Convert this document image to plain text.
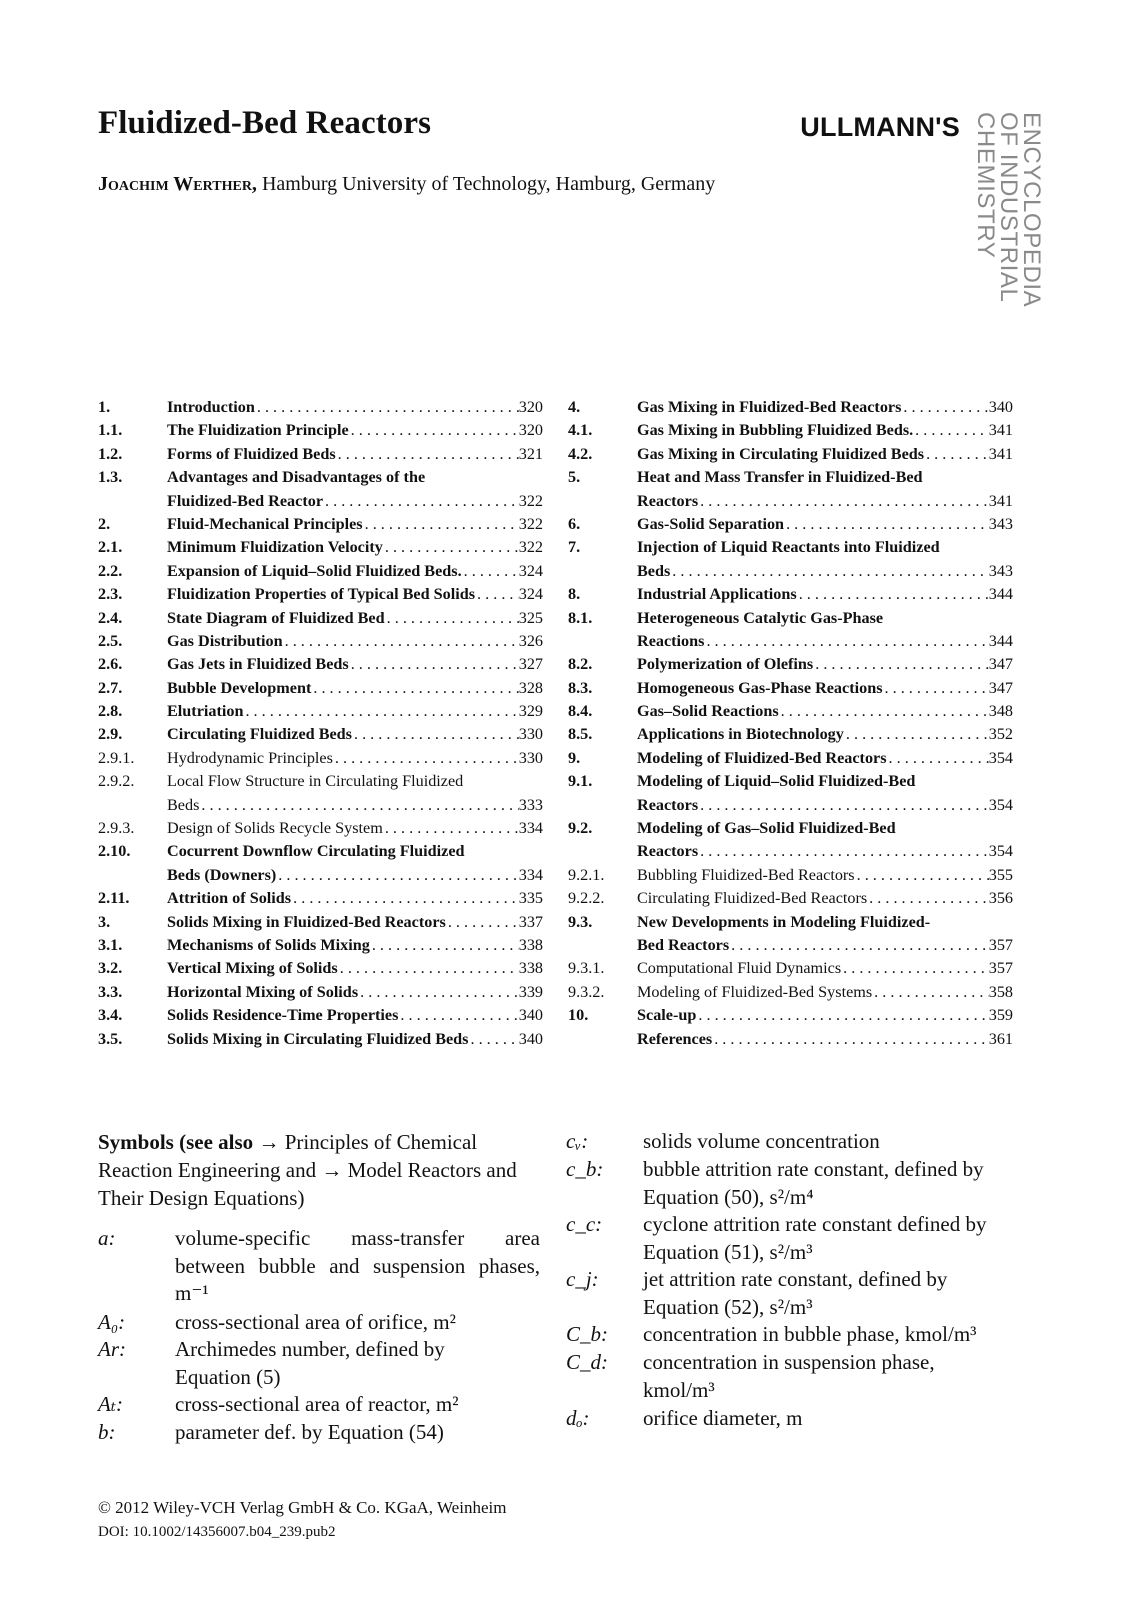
Fluidized-Bed Reactors
Joachim Werther, Hamburg University of Technology, Hamburg, Germany
ULLMANN'S ENCYCLOPEDIA
OF INDUSTRIAL
CHEMISTRY
1.	Introduction . . .	320
1.1.	The Fluidization Principle . . .	320
1.2.	Forms of Fluidized Beds . . .	321
1.3.	Advantages and Disadvantages of the
Fluidized-Bed Reactor . . .	322
2.	Fluid-Mechanical Principles . . .	322
2.1.	Minimum Fluidization Velocity . . .	322
2.2.	Expansion of Liquid–Solid Fluidized Beds. . . .	324
2.3.	Fluidization Properties of Typical Bed Solids . . .	324
2.4.	State Diagram of Fluidized Bed . . .	325
2.5.	Gas Distribution . . .	326
2.6.	Gas Jets in Fluidized Beds . . .	327
2.7.	Bubble Development . . .	328
2.8.	Elutriation . . .	329
2.9.	Circulating Fluidized Beds . . .	330
2.9.1. Hydrodynamic Principles . . .	330
2.9.2. Local Flow Structure in Circulating Fluidized
Beds . . .	333
2.9.3. Design of Solids Recycle System . . .	334
2.10. Cocurrent Downflow Circulating Fluidized
Beds (Downers) . . .	334
2.11. Attrition of Solids . . .	335
3.	Solids Mixing in Fluidized-Bed Reactors . . .	337
3.1.	Mechanisms of Solids Mixing . . .	338
3.2.	Vertical Mixing of Solids . . .	338
3.3.	Horizontal Mixing of Solids . . .	339
3.4.	Solids Residence-Time Properties . . .	340
3.5.	Solids Mixing in Circulating Fluidized Beds . . .	340
4.	Gas Mixing in Fluidized-Bed Reactors . . .	340
4.1.	Gas Mixing in Bubbling Fluidized Beds. . . .	341
4.2.	Gas Mixing in Circulating Fluidized Beds . . .	341
5.	Heat and Mass Transfer in Fluidized-Bed
Reactors . . .	341
6.	Gas-Solid Separation . . .	343
7.	Injection of Liquid Reactants into Fluidized
Beds . . .	343
8.	Industrial Applications . . .	344
8.1.	Heterogeneous Catalytic Gas-Phase
Reactions . . .	344
8.2.	Polymerization of Olefins . . .	347
8.3.	Homogeneous Gas-Phase Reactions . . .	347
8.4.	Gas–Solid Reactions . . .	348
8.5.	Applications in Biotechnology . . .	352
9.	Modeling of Fluidized-Bed Reactors . . .	354
9.1.	Modeling of Liquid–Solid Fluidized-Bed
Reactors . . .	354
9.2.	Modeling of Gas–Solid Fluidized-Bed
Reactors . . .	354
9.2.1. Bubbling Fluidized-Bed Reactors . . .	355
9.2.2. Circulating Fluidized-Bed Reactors . . .	356
9.3.	New Developments in Modeling Fluidized-
Bed Reactors . . .	357
9.3.1. Computational Fluid Dynamics . . .	357
9.3.2. Modeling of Fluidized-Bed Systems . . .	358
10.	Scale-up . . .	359
References . . .	361
Symbols (see also → Principles of Chemical Reaction Engineering and → Model Reactors and Their Design Equations)
a:	volume-specific mass-transfer area between bubble and suspension phases, m⁻¹
A₀: cross-sectional area of orifice, m²
Ar: Archimedes number, defined by Equation (5)
Aₜ: cross-sectional area of reactor, m²
b:	parameter def. by Equation (54)
cᵥ:	solids volume concentration
c_b: bubble attrition rate constant, defined by Equation (50), s²/m⁴
c_c: cyclone attrition rate constant defined by Equation (51), s²/m³
c_j: jet attrition rate constant, defined by Equation (52), s²/m³
C_b: concentration in bubble phase, kmol/m³
C_d: concentration in suspension phase, kmol/m³
dₒ:	orifice diameter, m
© 2012 Wiley-VCH Verlag GmbH & Co. KGaA, Weinheim
DOI: 10.1002/14356007.b04_239.pub2
